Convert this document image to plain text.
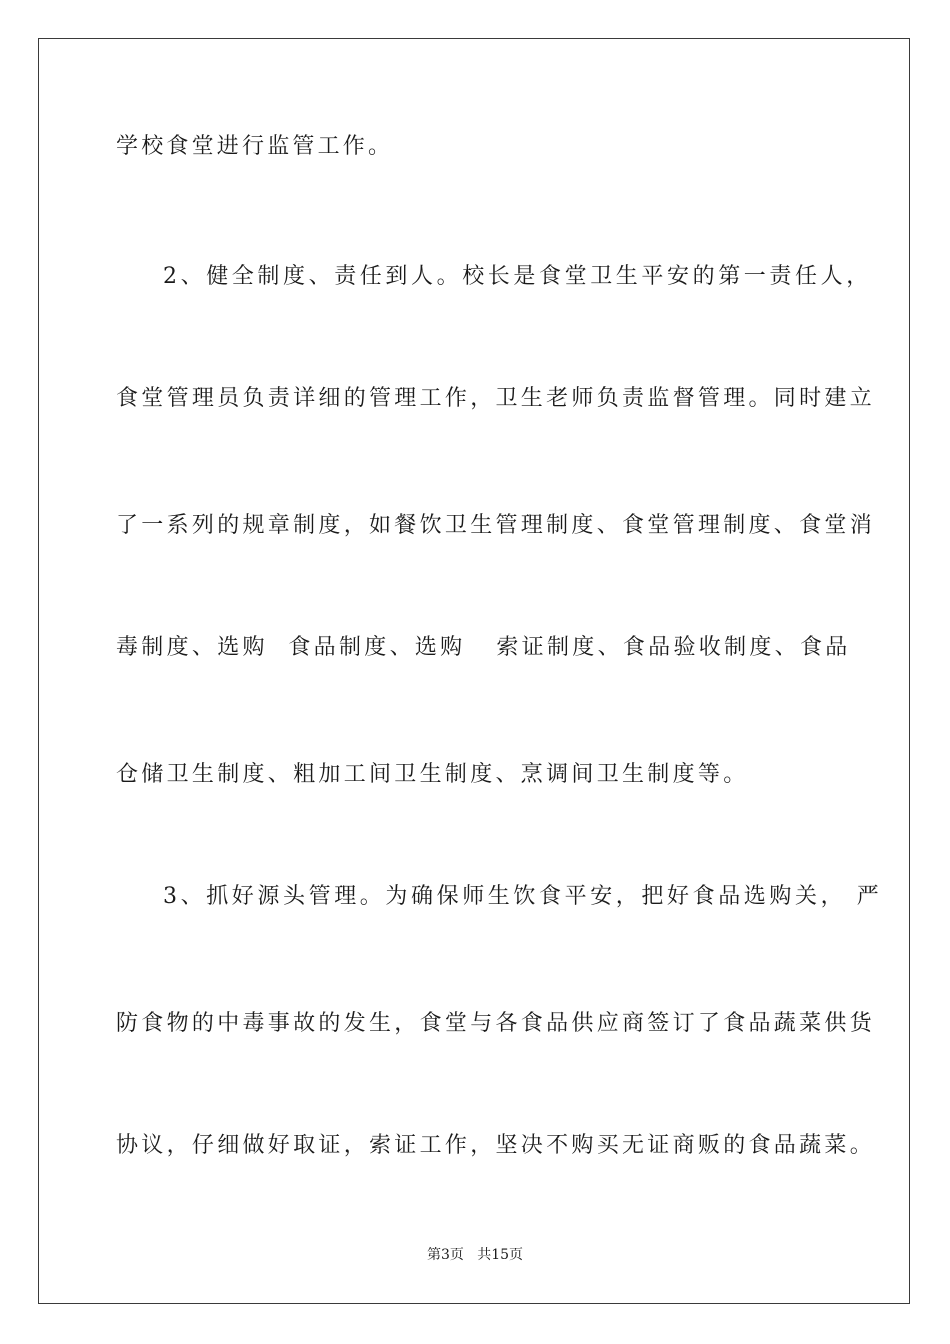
学校食堂进行监管工作。
2、健全制度、责任到人。校长是食堂卫生平安的第一责任人，
食堂管理员负责详细的管理工作，卫生老师负责监督管理。同时建立
了一系列的规章制度，如餐饮卫生管理制度、食堂管理制度、食堂消
毒制度、选购  食品制度、选购   索证制度、食品验收制度、食品
仓储卫生制度、粗加工间卫生制度、烹调间卫生制度等。
3、抓好源头管理。为确保师生饮食平安，把好食品选购关， 严
防食物的中毒事故的发生，食堂与各食品供应商签订了食品蔬菜供货
协议，仔细做好取证，索证工作，坚决不购买无证商贩的食品蔬菜。
第3页   共15页
